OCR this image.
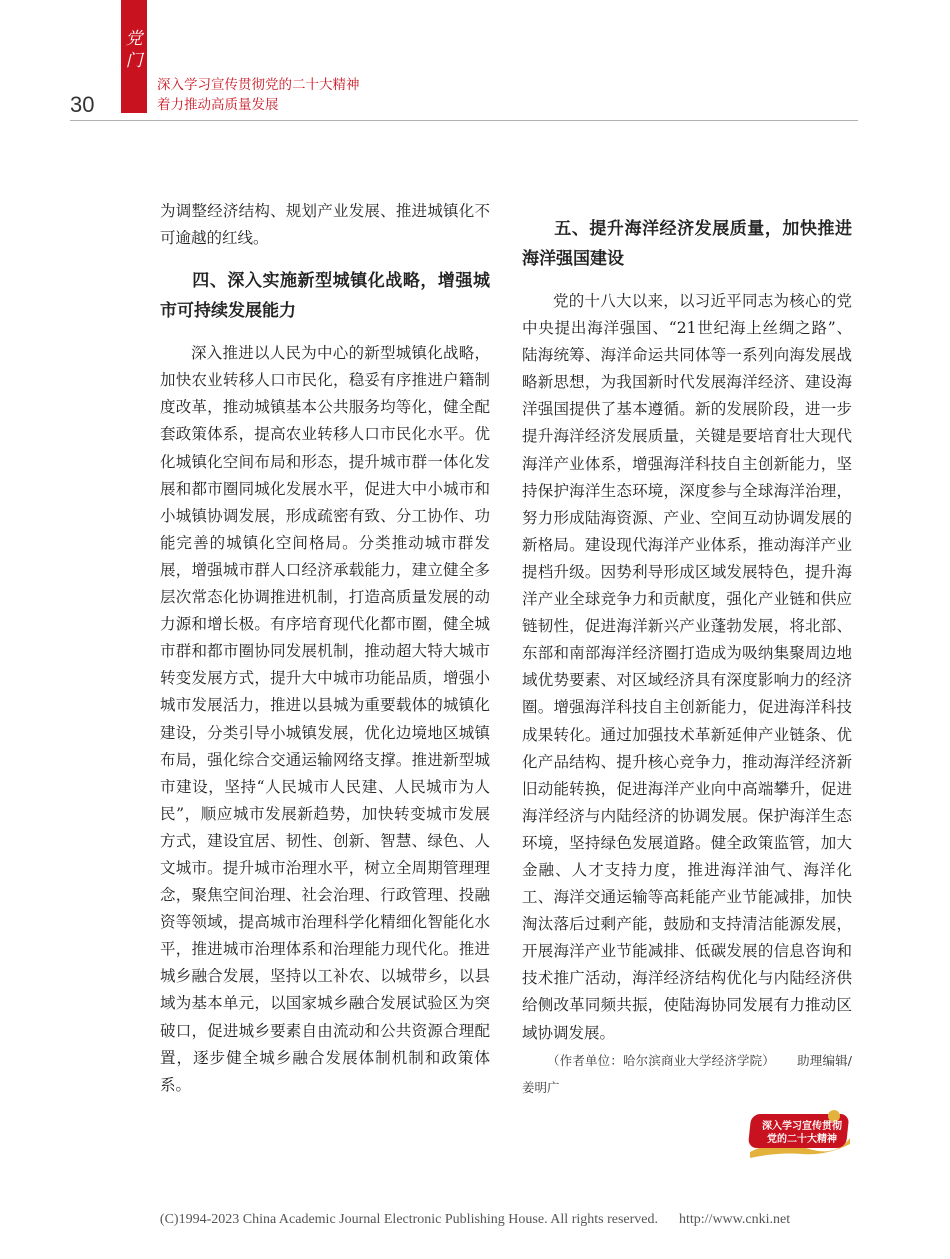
党
门
30
深入学习宣传贯彻党的二十大精神
着力推动高质量发展

为调整经济结构、规划产业发展、推进城镇化不可逾越的红线。

四、深入实施新型城镇化战略，增强城市可持续发展能力

深入推进以人民为中心的新型城镇化战略，加快农业转移人口市民化，稳妥有序推进户籍制度改革，推动城镇基本公共服务均等化，健全配套政策体系，提高农业转移人口市民化水平。优化城镇化空间布局和形态，提升城市群一体化发展和都市圈同城化发展水平，促进大中小城市和小城镇协调发展，形成疏密有致、分工协作、功能完善的城镇化空间格局。分类推动城市群发展，增强城市群人口经济承载能力，建立健全多层次常态化协调推进机制，打造高质量发展的动力源和增长极。有序培育现代化都市圈，健全城市群和都市圈协同发展机制，推动超大特大城市转变发展方式，提升大中城市功能品质，增强小城市发展活力，推进以县城为重要载体的城镇化建设，分类引导小城镇发展，优化边境地区城镇布局，强化综合交通运输网络支撑。推进新型城市建设，坚持“人民城市人民建、人民城市为人民”，顺应城市发展新趋势，加快转变城市发展方式，建设宜居、韧性、创新、智慧、绿色、人文城市。提升城市治理水平，树立全周期管理理念，聚焦空间治理、社会治理、行政管理、投融资等领域，提高城市治理科学化精细化智能化水平，推进城市治理体系和治理能力现代化。推进城乡融合发展，坚持以工补农、以城带乡，以县域为基本单元，以国家城乡融合发展试验区为突破口，促进城乡要素自由流动和公共资源合理配置，逐步健全城乡融合发展体制机制和政策体系。

五、提升海洋经济发展质量，加快推进海洋强国建设

党的十八大以来，以习近平同志为核心的党中央提出海洋强国、“21世纪海上丝绸之路”、陆海统筹、海洋命运共同体等一系列向海发展战略新思想，为我国新时代发展海洋经济、建设海洋强国提供了基本遵循。新的发展阶段，进一步提升海洋经济发展质量，关键是要培育壮大现代海洋产业体系，增强海洋科技自主创新能力，坚持保护海洋生态环境，深度参与全球海洋治理，努力形成陆海资源、产业、空间互动协调发展的新格局。建设现代海洋产业体系，推动海洋产业提档升级。因势利导形成区域发展特色，提升海洋产业全球竞争力和贡献度，强化产业链和供应链韧性，促进海洋新兴产业蓬勃发展，将北部、东部和南部海洋经济圈打造成为吸纳集聚周边地域优势要素、对区域经济具有深度影响力的经济圈。增强海洋科技自主创新能力，促进海洋科技成果转化。通过加强技术革新延伸产业链条、优化产品结构、提升核心竞争力，推动海洋经济新旧动能转换，促进海洋产业向中高端攀升，促进海洋经济与内陆经济的协调发展。保护海洋生态环境，坚持绿色发展道路。健全政策监管，加大金融、人才支持力度，推进海洋油气、海洋化工、海洋交通运输等高耗能产业节能减排，加快淘汰落后过剩产能，鼓励和支持清洁能源发展，开展海洋产业节能减排、低碳发展的信息咨询和技术推广活动，海洋经济结构优化与内陆经济供给侧改革同频共振，使陆海协同发展有力推动区域协调发展。

（作者单位：哈尔滨商业大学经济学院） 助理编辑/姜明广
深入学习宣传贯彻
党的二十大精神
(C)1994-2023 China Academic Journal Electronic Publishing House. All rights reserved. http://www.cnki.net
